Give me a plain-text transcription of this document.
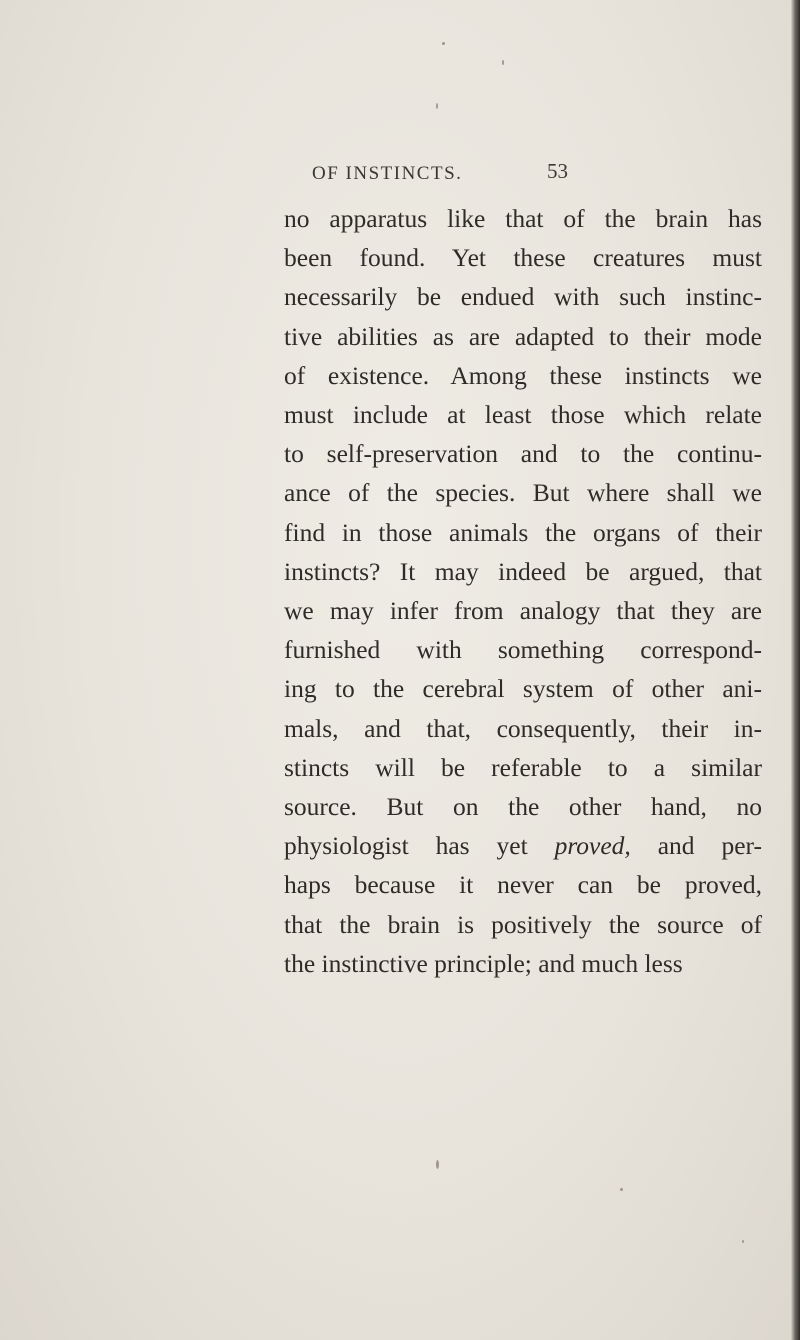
OF INSTINCTS.	53
no apparatus like that of the brain has
been found. Yet these creatures must
necessarily be endued with such instinc-
tive abilities as are adapted to their mode
of existence. Among these instincts we
must include at least those which relate
to self-preservation and to the continu-
ance of the species. But where shall we
find in those animals the organs of their
instincts? It may indeed be argued, that
we may infer from analogy that they are
furnished with something correspond-
ing to the cerebral system of other ani-
mals, and that, consequently, their in-
stincts will be referable to a similar
source. But on the other hand, no
physiologist has yet proved, and per-
haps because it never can be proved,
that the brain is positively the source of
the instinctive principle; and much less
